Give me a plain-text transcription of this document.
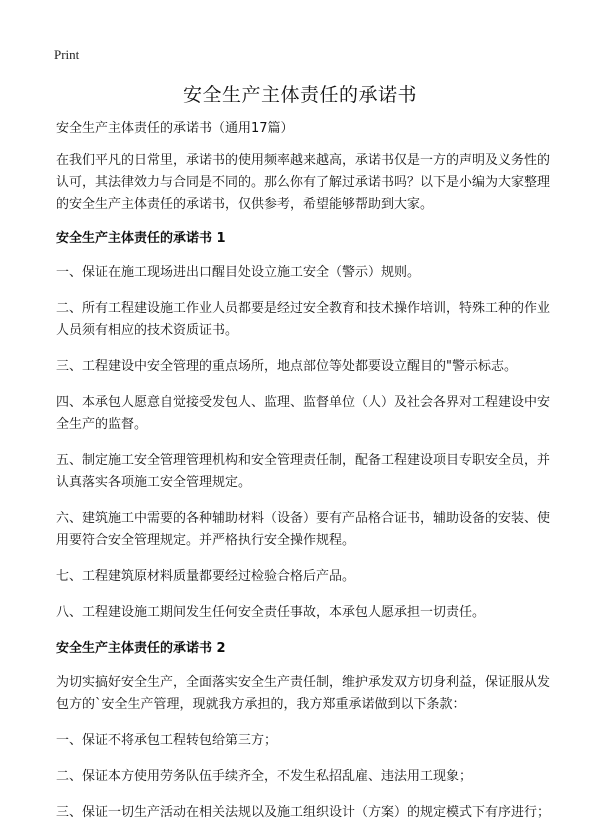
Print
安全生产主体责任的承诺书

安全生产主体责任的承诺书（通用17篇）

在我们平凡的日常里，承诺书的使用频率越来越高，承诺书仅是一方的声明及义务性的认可，其法律效力与合同是不同的。那么你有了解过承诺书吗？以下是小编为大家整理的安全生产主体责任的承诺书，仅供参考，希望能够帮助到大家。

安全生产主体责任的承诺书 1

一、保证在施工现场进出口醒目处设立施工安全（警示）规则。

二、所有工程建设施工作业人员都要是经过安全教育和技术操作培训，特殊工种的作业人员须有相应的技术资质证书。

三、工程建设中安全管理的重点场所，地点部位等处都要设立醒目的"警示标志。

四、本承包人愿意自觉接受发包人、监理、监督单位（人）及社会各界对工程建设中安全生产的监督。

五、制定施工安全管理管理机构和安全管理责任制，配备工程建设项目专职安全员，并认真落实各项施工安全管理规定。

六、建筑施工中需要的各种辅助材料（设备）要有产品格合证书，辅助设备的安装、使用要符合安全管理规定。并严格执行安全操作规程。

七、工程建筑原材料质量都要经过检验合格后产品。

八、工程建设施工期间发生任何安全责任事故，本承包人愿承担一切责任。

安全生产主体责任的承诺书 2

为切实搞好安全生产，全面落实安全生产责任制，维护承发双方切身利益，保证服从发包方的`安全生产管理，现就我方承担的，我方郑重承诺做到以下条款：

一、保证不将承包工程转包给第三方；

二、保证本方使用劳务队伍手续齐全，不发生私招乱雇、违法用工现象；

三、保证一切生产活动在相关法规以及施工组织设计（方案）的规定模式下有序进行；
